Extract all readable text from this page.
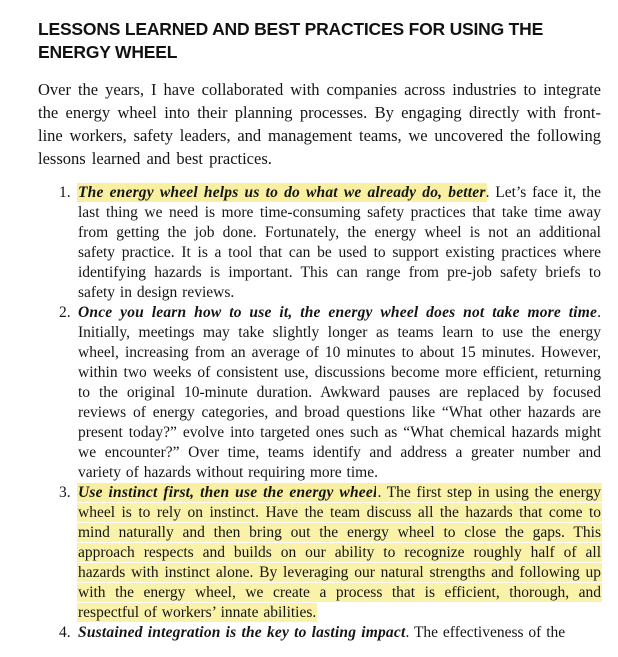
LESSONS LEARNED AND BEST PRACTICES FOR USING THE ENERGY WHEEL

Over the years, I have collaborated with companies across industries to integrate the energy wheel into their planning processes. By engaging directly with front-line workers, safety leaders, and management teams, we uncovered the following lessons learned and best practices.

1. The energy wheel helps us to do what we already do, better. Let’s face it, the last thing we need is more time-consuming safety practices that take time away from getting the job done. Fortunately, the energy wheel is not an additional safety practice. It is a tool that can be used to support existing practices where identifying hazards is important. This can range from pre-job safety briefs to safety in design reviews.
2. Once you learn how to use it, the energy wheel does not take more time. Initially, meetings may take slightly longer as teams learn to use the energy wheel, increasing from an average of 10 minutes to about 15 minutes. However, within two weeks of consistent use, discussions become more efficient, returning to the original 10-minute duration. Awkward pauses are replaced by focused reviews of energy categories, and broad questions like “What other hazards are present today?” evolve into targeted ones such as “What chemical hazards might we encounter?” Over time, teams identify and address a greater number and variety of hazards without requiring more time.
3. Use instinct first, then use the energy wheel. The first step in using the energy wheel is to rely on instinct. Have the team discuss all the hazards that come to mind naturally and then bring out the energy wheel to close the gaps. This approach respects and builds on our ability to recognize roughly half of all hazards with instinct alone. By leveraging our natural strengths and following up with the energy wheel, we create a process that is efficient, thorough, and respectful of workers’ innate abilities.
4. Sustained integration is the key to lasting impact. The effectiveness of the
